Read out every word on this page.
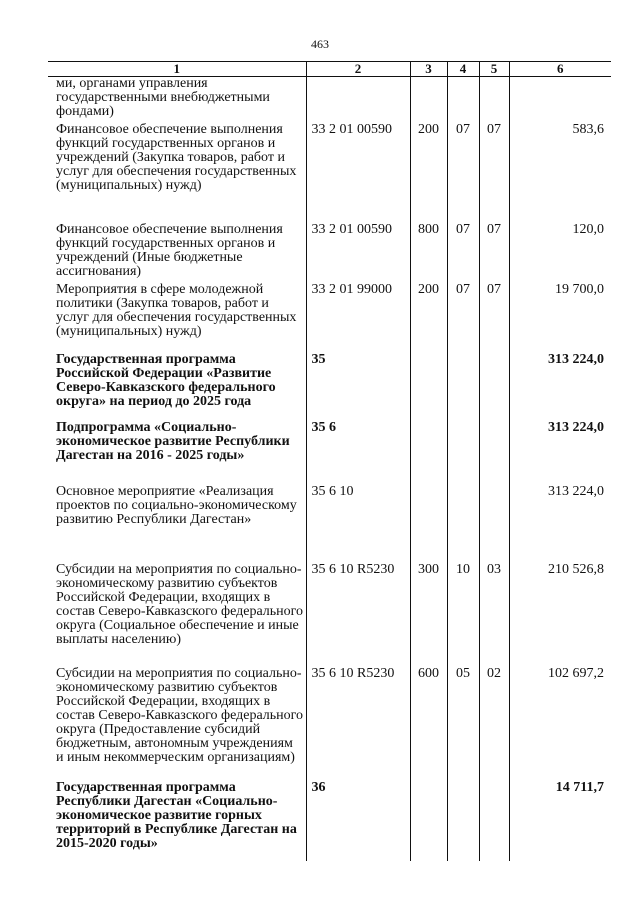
463
1	2	3	4	5	6
ми, органами управления государственными внебюджетными фондами)					
Финансовое обеспечение выполнения функций государственных органов и учреждений (Закупка товаров, работ и услуг для обеспечения государственных (муниципальных) нужд)	33 2 01 00590	200	07	07	583,6
Финансовое обеспечение выполнения функций государственных органов и учреждений (Иные бюджетные ассигнования)	33 2 01 00590	800	07	07	120,0
Мероприятия в сфере молодежной политики (Закупка товаров, работ и услуг для обеспечения государственных (муниципальных) нужд)	33 2 01 99000	200	07	07	19 700,0
Государственная программа Российской Федерации «Развитие Северо-Кавказского федерального округа» на период до 2025 года	35				313 224,0
Подпрограмма «Социально-экономическое развитие Республики Дагестан на 2016 - 2025 годы»	35 6				313 224,0
Основное мероприятие «Реализация проектов по социально-экономическому развитию Республики Дагестан»	35 6 10				313 224,0
Субсидии на мероприятия по социально-экономическому развитию субъектов Российской Федерации, входящих в состав Северо-Кавказского федерального округа (Социальное обеспечение и иные выплаты населению)	35 6 10 R5230	300	10	03	210 526,8
Субсидии на мероприятия по социально-экономическому развитию субъектов Российской Федерации, входящих в состав Северо-Кавказского федерального округа (Предоставление субсидий бюджетным, автономным учреждениям и иным некоммерческим организациям)	35 6 10 R5230	600	05	02	102 697,2
Государственная программа Республики Дагестан «Социально-экономическое развитие горных территорий в Республике Дагестан на 2015-2020 годы»	36				14 711,7
